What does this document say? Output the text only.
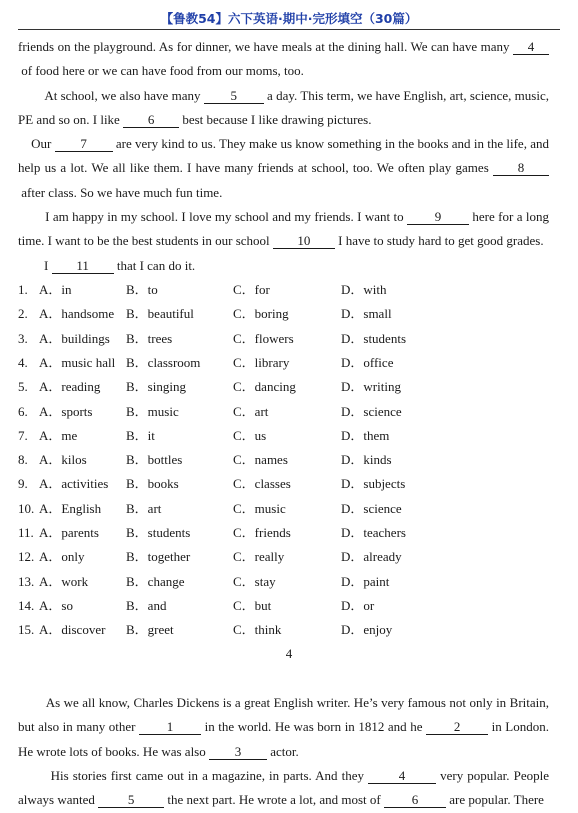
【鲁教54】六下英语·期中·完形填空（30篇）
friends on the playground. As for dinner, we have meals at the dining hall. We can have many 4 of food here or we can have food from our moms, too.
At school, we also have many 5 a day. This term, we have English, art, science, music, PE and so on. I like 6 best because I like drawing pictures.
Our 7 are very kind to us. They make us know something in the books and in the life, and help us a lot. We all like them. I have many friends at school, too. We often play games 8 after class. So we have much fun time.
I am happy in my school. I love my school and my friends. I want to 9 here for a long time. I want to be the best students in our school 10 I have to study hard to get good grades.
I 11 that I can do it.
1. A．in	B．to	C．for	D．with
2. A．handsome B．beautiful	C．boring	D．small
3. A．buildings B．trees	C．flowers	D．students
4. A．music hall B．classroom	C．library	D．office
5. A．reading B．singing	C．dancing	D．writing
6. A．sports	B．music	C．art	D．science
7. A．me	B．it	C．us	D．them
8. A．kilos	B．bottles	C．names	D．kinds
9. A．activities B．books	C．classes	D．subjects
10. A．English B．art	C．music	D．science
11. A．parents B．students	C．friends	D．teachers
12. A．only	B．together	C．really	D．already
13. A．work	B．change	C．stay	D．paint
14. A．so	B．and	C．but	D．or
15. A．discover B．greet	C．think	D．enjoy
4
As we all know, Charles Dickens is a great English writer. He’s very famous not only in Britain, but also in many other 1 in the world. He was born in 1812 and he 2 in London. He wrote lots of books. He was also 3 actor.
His stories first came out in a magazine, in parts. And they 4 very popular. People always wanted 5 the next part. He wrote a lot, and most of 6 are popular. There
